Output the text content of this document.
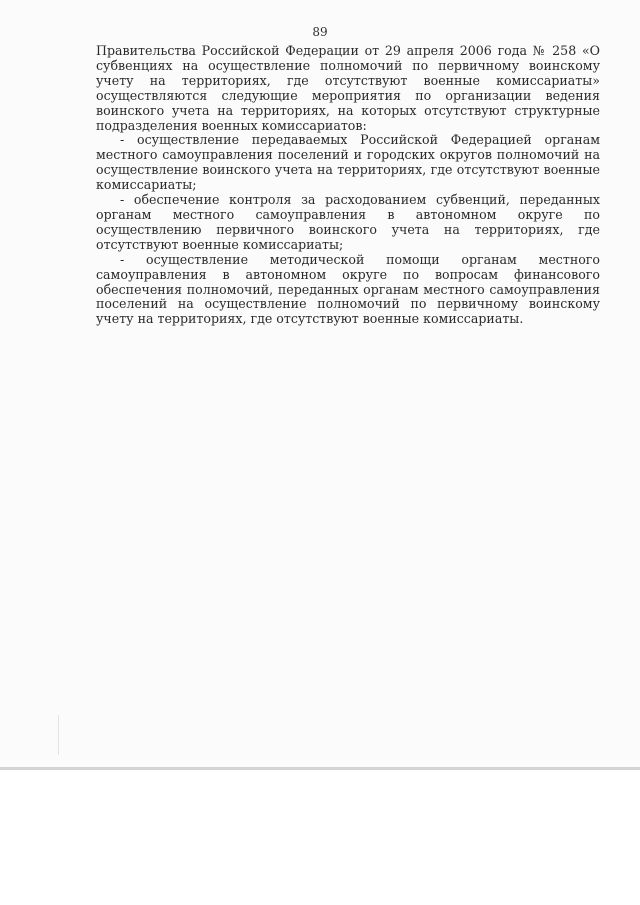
89

Правительства Российской Федерации от 29 апреля 2006 года № 258 «О субвенциях на осуществление полномочий по первичному воинскому учету на территориях, где отсутствуют военные комиссариаты» осуществляются следующие мероприятия по организации ведения воинского учета на территориях, на которых отсутствуют структурные подразделения военных комиссариатов:

- осуществление передаваемых Российской Федерацией органам местного самоуправления поселений и городских округов полномочий на осуществление воинского учета на территориях, где отсутствуют военные комиссариаты;

- обеспечение контроля за расходованием субвенций, переданных органам местного самоуправления в автономном округе по осуществлению первичного воинского учета на территориях, где отсутствуют военные комиссариаты;

- осуществление методической помощи органам местного самоуправления в автономном округе по вопросам финансового обеспечения полномочий, переданных органам местного самоуправления поселений на осуществление полномочий по первичному воинскому учету на территориях, где отсутствуют военные комиссариаты.
